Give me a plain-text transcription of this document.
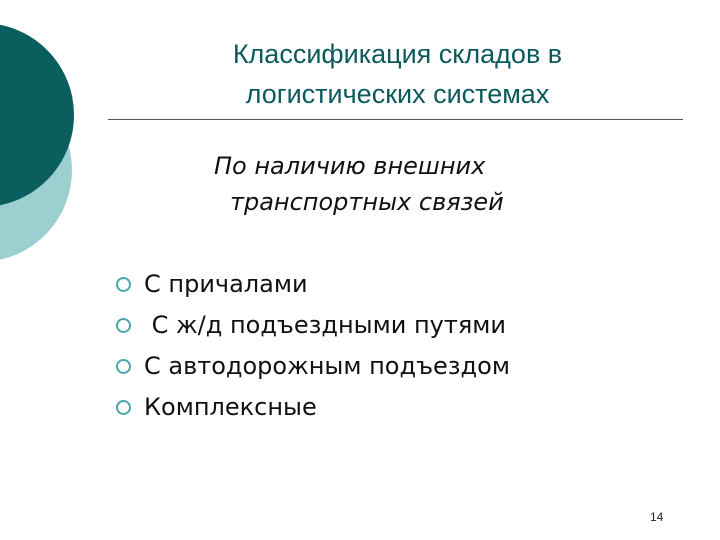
Классификация складов в
логистических системах
По наличию внешних
транспортных связей
С причалами
С ж/д подъездными путями
С автодорожным подъездом
Комплексные
14
